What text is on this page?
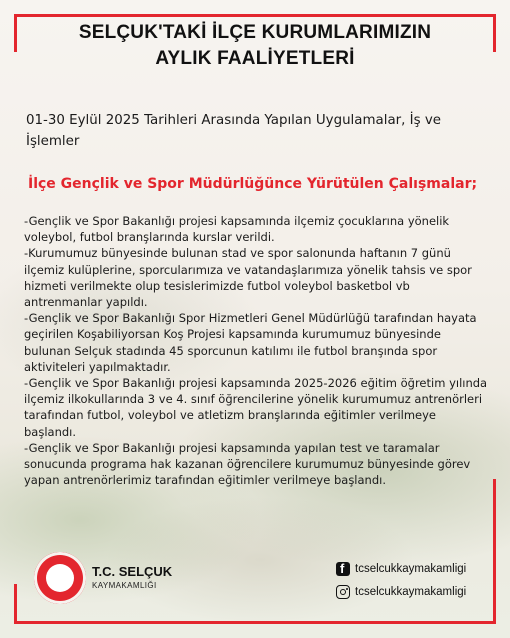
SELÇUK'TAKİ İLÇE KURUMLARIMIZIN
AYLIK FAALİYETLERİ
01-30 Eylül 2025 Tarihleri Arasında Yapılan Uygulamalar, İş ve İşlemler
İlçe Gençlik ve Spor Müdürlüğünce Yürütülen Çalışmalar;

-Gençlik ve Spor Bakanlığı projesi kapsamında ilçemiz çocuklarına yönelik voleybol, futbol branşlarında kurslar verildi.

-Kurumumuz bünyesinde bulunan stad ve spor salonunda haftanın 7 günü ilçemiz kulüplerine, sporcularımıza ve vatandaşlarımıza yönelik tahsis ve spor hizmeti verilmekte olup tesislerimizde futbol voleybol basketbol vb antrenmanlar yapıldı.

-Gençlik ve Spor Bakanlığı Spor Hizmetleri Genel Müdürlüğü tarafından hayata geçirilen Koşabiliyorsan Koş Projesi kapsamında kurumumuz bünyesinde bulunan Selçuk stadında 45 sporcunun katılımı ile futbol branşında spor aktiviteleri yapılmaktadır.

-Gençlik ve Spor Bakanlığı projesi kapsamında 2025-2026 eğitim öğretim yılında ilçemiz ilkokullarında 3 ve 4. sınıf öğrencilerine yönelik kurumumuz antrenörleri tarafından futbol, voleybol ve atletizm branşlarında eğitimler verilmeye başlandı.

-Gençlik ve Spor Bakanlığı projesi kapsamında yapılan test ve taramalar sonucunda programa hak kazanan öğrencilere kurumumuz bünyesinde görev yapan antrenörlerimiz tarafından eğitimler verilmeye başlandı.

T.C. SELÇUK
KAYMAKAMLIĞI
f
tcselcukkaymakamligi
tcselcukkaymakamligi
